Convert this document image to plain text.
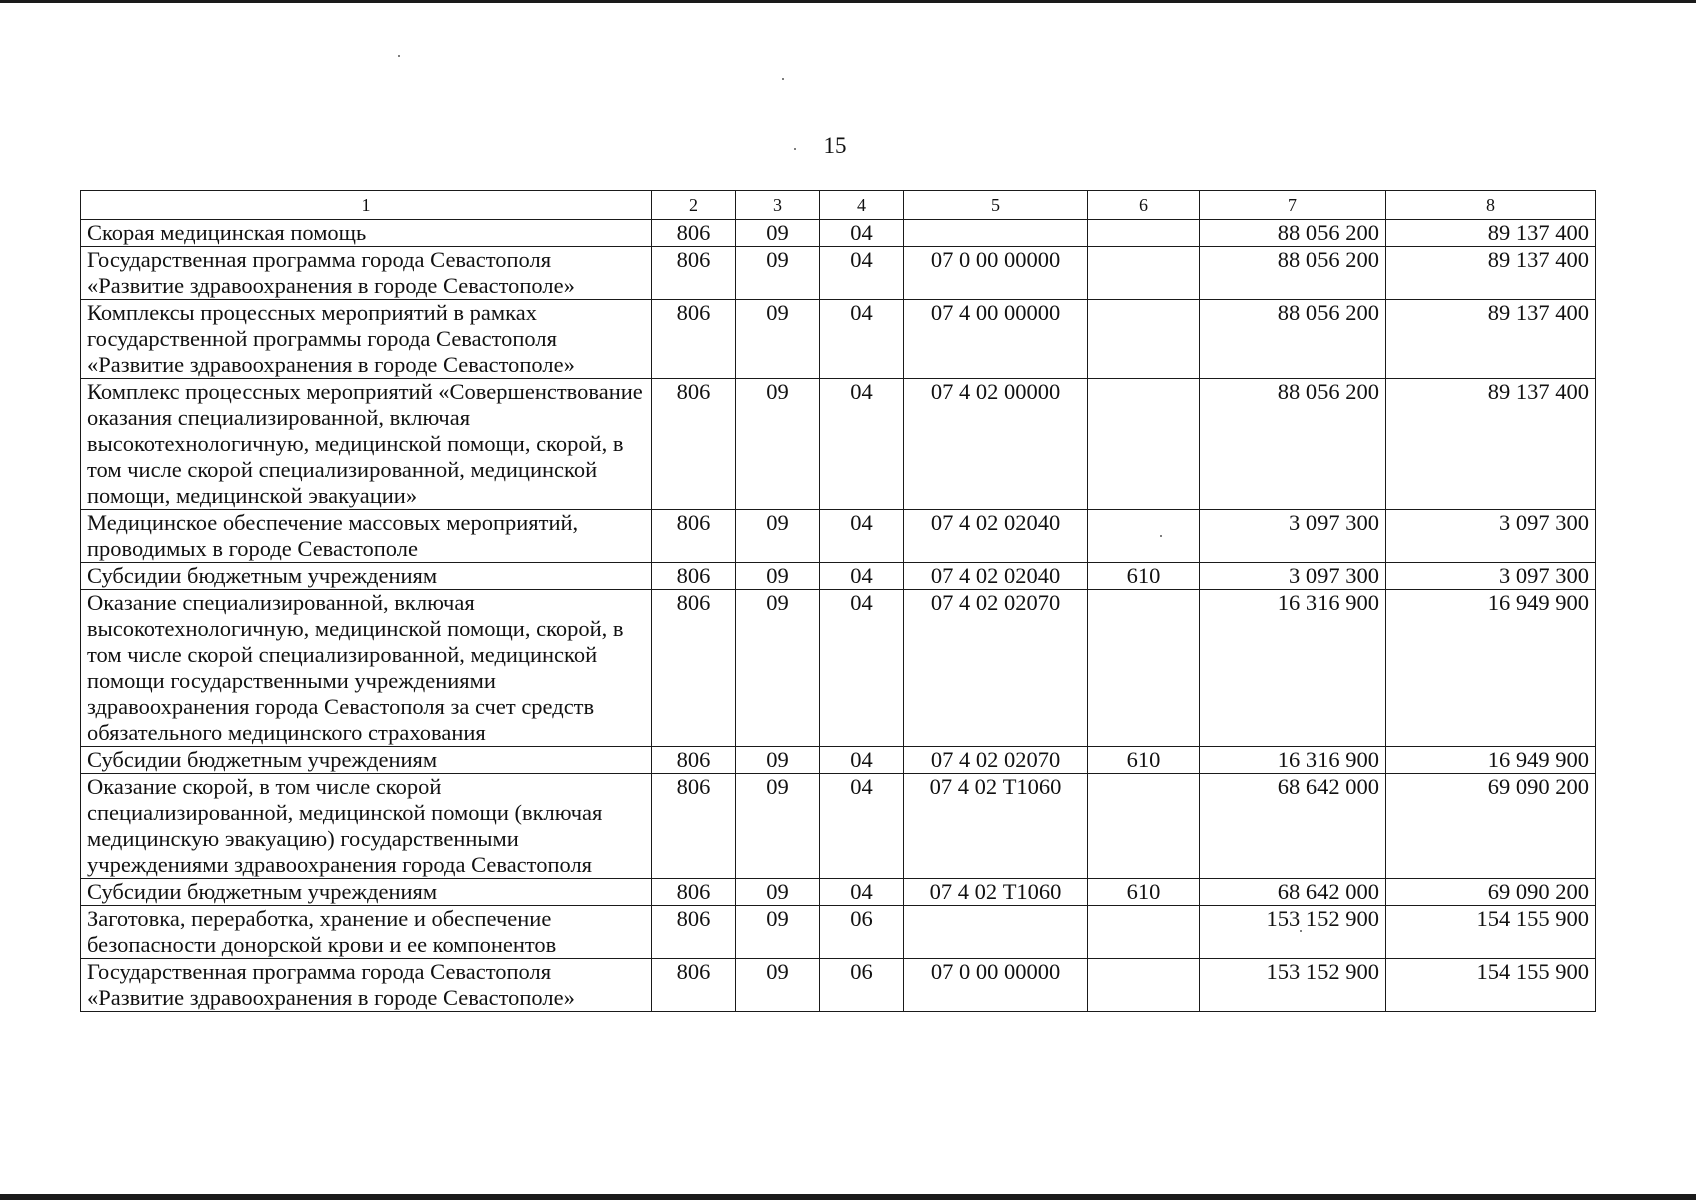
15
1	2	3	4	5	6	7	8
Скорая медицинская помощь	806	09	04			88 056 200	89 137 400
Государственная программа города Севастополя «Развитие здравоохранения в городе Севастополе»	806	09	04	07 0 00 00000		88 056 200	89 137 400
Комплексы процессных мероприятий в рамках государственной программы города Севастополя «Развитие здравоохранения в городе Севастополе»	806	09	04	07 4 00 00000		88 056 200	89 137 400
Комплекс процессных мероприятий «Совершенствование оказания специализированной, включая высокотехнологичную, медицинской помощи, скорой, в том числе скорой специализированной, медицинской помощи, медицинской эвакуации»	806	09	04	07 4 02 00000		88 056 200	89 137 400
Медицинское обеспечение массовых мероприятий, проводимых в городе Севастополе	806	09	04	07 4 02 02040		3 097 300	3 097 300
Субсидии бюджетным учреждениям	806	09	04	07 4 02 02040	610	3 097 300	3 097 300
Оказание специализированной, включая высокотехнологичную, медицинской помощи, скорой, в том числе скорой специализированной, медицинской помощи государственными учреждениями здравоохранения города Севастополя за счет средств обязательного медицинского страхования	806	09	04	07 4 02 02070		16 316 900	16 949 900
Субсидии бюджетным учреждениям	806	09	04	07 4 02 02070	610	16 316 900	16 949 900
Оказание скорой, в том числе скорой специализированной, медицинской помощи (включая медицинскую эвакуацию) государственными учреждениями здравоохранения города Севастополя	806	09	04	07 4 02 Т1060		68 642 000	69 090 200
Субсидии бюджетным учреждениям	806	09	04	07 4 02 Т1060	610	68 642 000	69 090 200
Заготовка, переработка, хранение и обеспечение безопасности донорской крови и ее компонентов	806	09	06			153 152 900	154 155 900
Государственная программа города Севастополя «Развитие здравоохранения в городе Севастополе»	806	09	06	07 0 00 00000		153 152 900	154 155 900
